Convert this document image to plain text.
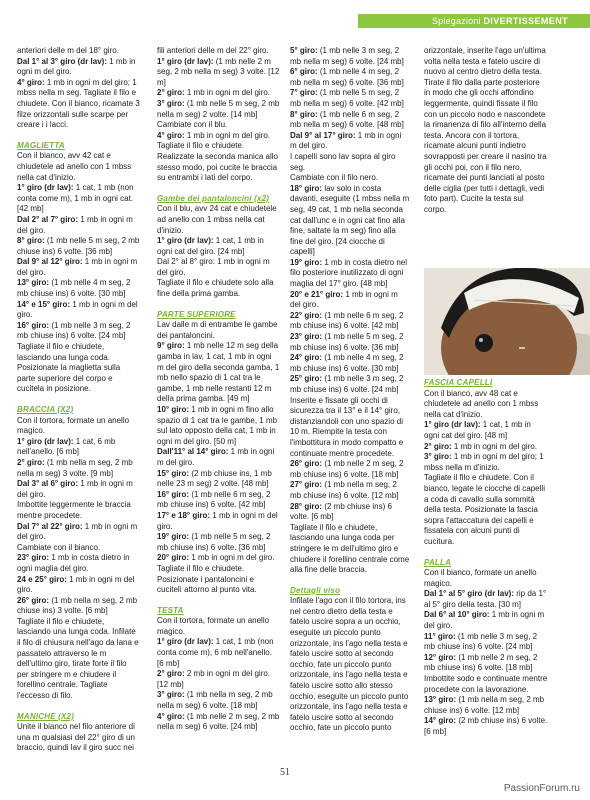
Spiegazioni DIVERTISSEMENT

anteriori delle m del 18° giro.

Dal 1° al 3° giro (dr lav): 1 mb in ogni m del giro.

4° giro: 1 mb in ogni m del giro; 1 mbss nella m seg. Tagliate il filo e chiudete. Con il bianco, ricamate 3 filze orizzontali sulle scarpe per creare i i lacci.

MAGLIETTA

Con il bianco, avv 42 cat e chiudetele ad anello con 1 mbss nella cat d'inizio.

1° giro (dr lav): 1 cat, 1 mb (non conta come m), 1 mb in ogni cat. [42 mb]

Dal 2° al 7° giro: 1 mb in ogni m del giro.

8° giro: (1 mb nelle 5 m seg, 2 mb chiuse ins) 6 volte. [36 mb]

Dal 9° al 12° giro: 1 mb in ogni m del giro.

13° giro: (1 mb nelle 4 m seg, 2 mb chiuse ins) 6 volte. [30 mb]

14° e 15° giro: 1 mb in ogni m del giro.

16° giro: (1 mb nelle 3 m seg, 2 mb chiuse ins) 6 volte. [24 mb]

Tagliate il filo e chiudete, lasciando una lunga coda. Posizionate la maglietta sulla parte superiore del corpo e cucitela in posizione.

BRACCIA (X2)

Con il tortora, formate un anello magico.

1° giro (dr lav): 1 cat, 6 mb nell'anello. [6 mb]

2° giro: (1 mb nella m seg, 2 mb nella m seg) 3 volte. [9 mb]

Dal 3° al 6° giro: 1 mb in ogni m del giro.

Imbottite leggermente le braccia mentre procedete.

Dal 7° al 22° giro: 1 mb in ogni m del giro.

Cambiate con il bianco.

23° giro: 1 mb in costa dietro in ogni maglia del giro.

24 e 25° giro: 1 mb in ogni m del giro.

26° giro: (1 mb nella m seg, 2 mb chiuse ins) 3 volte. [6 mb]

Tagliate il filo e chiudete, lasciando una lunga coda. Infilate il filo di chiusura nell'ago da lana e passatelo attraverso le m dell'ultimo giro, tirate forte il filo per stringere m e chiudere il forellino centrale. Tagliate l'eccesso di filo.

MANICHE (X2)

Unite il bianco nel filo anteriore di una m qualsiasi del 22° giro di un braccio, quindi lav il giro succ nei

fili anteriori delle m del 22° giro.

1° giro (dr lav): (1 mb nelle 2 m seg, 2 mb nella m seg) 3 volte. [12 m]

2° giro: 1 mb in ogni m del giro.

3° giro: (1 mb nelle 5 m seg, 2 mb nella m seg) 2 volte. [14 mb]

Cambiate con il blu.

4° giro: 1 mb in ogni m del giro. Tagliate il filo e chiudete. Realizzate la seconda manica allo stesso modo, poi cucite le braccia su entrambi i lati del corpo.

Gambe dei pantaloncini (x2)

Con il blu, avv 24 cat e chiudetele ad anello con 1 mbss nella cat d'inizio.

1° giro (dr lav): 1 cat, 1 mb in ogni cat del giro. [24 mb]

Dal 2° al 8° giro: 1 mb in ogni m del giro.

Tagliate il filo e chiudete solo alla fine della prima gamba.

PARTE SUPERIORE

Lav dalle m di entrambe le gambe dei pantaloncini.

9° giro: 1 mb nelle 12 m seg della gamba in lav, 1 cat, 1 mb in ogni m del giro della seconda gamba, 1 mb nello spazio di 1 cat tra le gambe, 1 mb nelle restanti 12 m della prima gamba. [49 m]

10° giro: 1 mb in ogni m fino allo spazio di 1 cat tra le gambe, 1 mb sul lato opposto della cat, 1 mb in ogni m del giro. [50 m]

Dall'11° al 14° giro: 1 mb in ogni m del giro.

15° giro: (2 mb chiuse ins, 1 mb nelle 23 m seg) 2 volte. [48 mb]

16° giro: (1 mb nelle 6 m seg, 2 mb chiuse ins) 6 volte. [42 mb]

17° e 18° giro: 1 mb in ogni m del giro.

19° giro: (1 mb nelle 5 m seg, 2 mb chiuse ins) 6 volte. [36 mb]

20° giro: 1 mb in ogni m del giro.

Tagliate il filo e chiudete. Posizionate i pantaloncini e cucitelì attorno al punto vita.

TESTA

Con il tortora, formate un anello magico.

1° giro (dr lav): 1 cat, 1 mb (non conta come m), 6 mb nell'anello. [6 mb]

2° giro: 2 mb in ogni m del giro. [12 mb]

3° giro: (1 mb nella m seg, 2 mb nella m seg) 6 volte. [18 mb]

4° giro: (1 mb nelle 2 m seg, 2 mb nella m seg) 6 volte. [24 mb]

5° giro: (1 mb nelle 3 m seg, 2 mb nella m seg) 6 volte. [24 mb]

6° giro: (1 mb nelle 4 m seg, 2 mb nella m seg) 6 volte. [36 mb]

7° giro: (1 mb nelle 5 m seg, 2 mb nella m seg) 6 volte. [42 mb]

8° giro: (1 mb nelle 6 m seg, 2 mb nella m seg) 6 volte. [48 mb]

Dal 9° al 17° giro: 1 mb in ogni m del giro.

I capelli sono lav sopra al giro seg.

Cambiate con il filo nero.

18° giro: lav solo in costa davanti, eseguite (1 mbss nella m seg, 49 cat, 1 mb nella seconda cat dall'unc e in ogni cat fino alla fine, saltate la m seg) fino alla fine del giro. [24 ciocche di capelli]

19° giro: 1 mb in costa dietro nel filo posteriore inutilizzato di ogni maglia del 17° giro. [48 mb]

20° e 21° giro: 1 mb in ogni m del giro.

22° giro: (1 mb nelle 6 m seg, 2 mb chiuse ins) 6 volte. [42 mb]

23° giro: (1 mb nelle 5 m seg, 2 mb chiuse ins) 6 volte. [36 mb]

24° giro: (1 mb nelle 4 m seg, 2 mb chiuse ins) 6 volte. [30 mb]

25° giro: (1 mb nelle 3 m seg, 2 mb chiuse ins) 6 volte. [24 mb]

Inserite e fissate gli occhi di sicurezza tra il 13° e il 14° giro, distanziandoli con uno spazio di 10 m. Riempite la testa con l'imbottitura in modo compatto e continuate mentre procedete.

26° giro: (1 mb nelle 2 m seg, 2 mb chiuse ins) 6 volte. [18 mb]

27° giro: (1 mb nella m seg, 2 mb chiuse ins) 6 volte. [12 mb]

28° giro: (2 mb chiuse ins) 6 volte. [6 mb]

Tagliate il filo e chiudete, lasciando una lunga coda per stringere le m dell'ultimo giro e chiudere il forellino centrale come alla fine delle braccia.

Dettagli viso

Infilate l'ago con il filo tortora, ins nel centro dietro della testa e fatelo uscire sopra a un occhio, eseguite un piccolo punto orizzontale, ins l'ago nella testa e fatelo uscire sotto al secondo occhio, fate un piccolo punto orizzontale, ins l'ago nella testa e fatelo uscire sotto allo stesso occhio, eseguite un piccolo punto orizzontale, ins l'ago nella testa e fatelo uscire sotto al secondo occhio, fate un piccolo punto

orizzontale, inserite l'ago un'ultima volta nella testa e fatelo uscire di nuovo al centro dietro della testa. Tirate il filo dalla parte posteriore in modo che gli occhi affondino leggermente, quindi fissate il filo con un piccolo nodo e nascondete la rimanenza di filo all'interno della testa. Ancora con il tortora, ricamate alcuni punti indietro sovrapposti per creare il nasino tra gli occhi poi, con il filo nero, ricamate dei punti lanciati al posto delle ciglia (per tutti i dettagli, vedi foto part). Cucite la testa sul corpo.

FASCIA CAPELLI

Con il bianco, avv 48 cat e chiudetele ad anello con 1 mbss nella cat d'inizio.

1° giro (dr lav): 1 cat, 1 mb in ogni cat del giro. [48 m]

2° giro: 1 mb in ogni m del giro.

3° giro: 1 mb in ogni m del giro; 1 mbss nella m d'inizio.

Tagliate il filo e chiudete. Con il bianco, legate le ciocche di capelli a coda di cavallo sulla sommità della testa. Posizionate la fascia sopra l'attaccatura dei capelli e fissatela con alcuni punti di cucitura.

PALLA

Con il bianco, formate un anello magico.

Dal 1° al 5° giro (dr lav): rip da 1° al 5° giro della testa. [30 m]

Dal 6° al 10° giro: 1 mb in ogni m del giro.

11° giro: (1 mb nelle 3 m seg, 2 mb chiuse ins) 6 volte. [24 mb]

12° giro: (1 mb nelle 2 m seg, 2 mb chiuse ins) 6 volte. [18 mb]

Imbottite sodo e continuate mentre procedete con la lavorazione.

13° giro: (1 mb nella m seg, 2 mb chiuse ins) 6 volte. [12 mb]

14° giro: (2 mb chiuse ins) 6 volte. [6 mb]

51
PassionForum.ru
